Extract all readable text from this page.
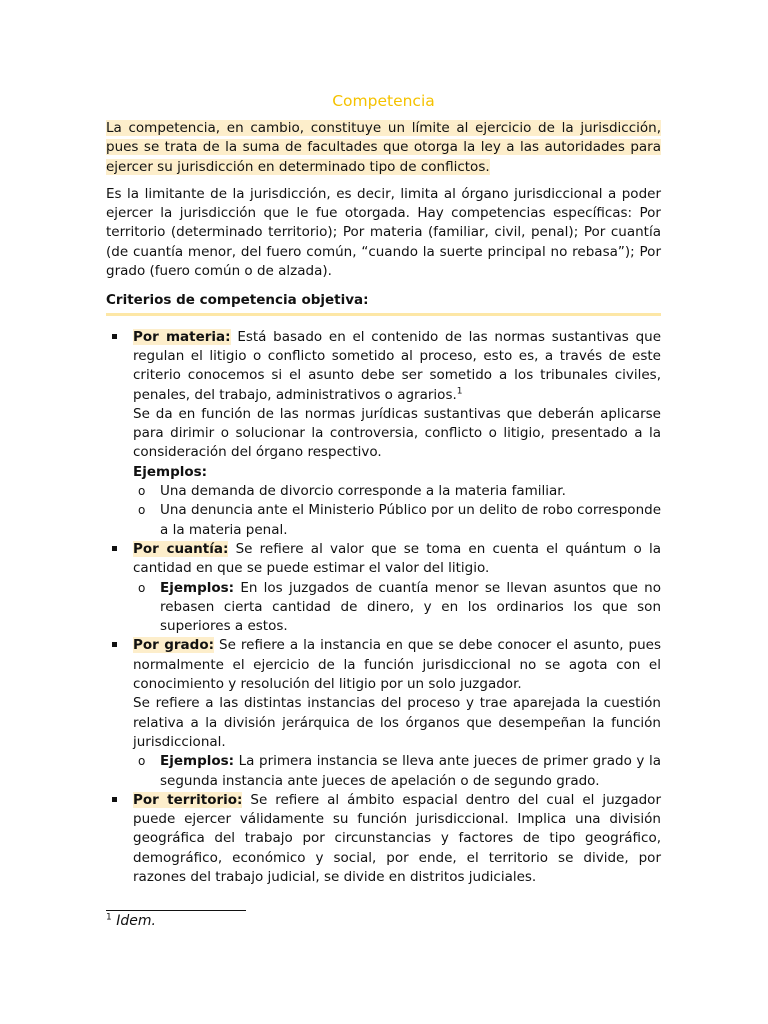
Competencia

La competencia, en cambio, constituye un límite al ejercicio de la jurisdicción, pues se trata de la suma de facultades que otorga la ley a las autoridades para ejercer su jurisdicción en determinado tipo de conflictos.

Es la limitante de la jurisdicción, es decir, limita al órgano jurisdiccional a poder ejercer la jurisdicción que le fue otorgada. Hay competencias específicas: Por territorio (determinado territorio); Por materia (familiar, civil, penal); Por cuantía (de cuantía menor, del fuero común, “cuando la suerte principal no rebasa”); Por grado (fuero común o de alzada).

Criterios de competencia objetiva:
Por materia: Está basado en el contenido de las normas sustantivas que regulan el litigio o conflicto sometido al proceso, esto es, a través de este criterio conocemos si el asunto debe ser sometido a los tribunales civiles, penales, del trabajo, administrativos o agrarios.$^1$
Se da en función de las normas jurídicas sustantivas que deberán aplicarse para dirimir o solucionar la controversia, conflicto o litigio, presentado a la consideración del órgano respectivo.
Ejemplos:
o Una demanda de divorcio corresponde a la materia familiar.
o Una denuncia ante el Ministerio Público por un delito de robo corresponde a la materia penal.
Por cuantía: Se refiere al valor que se toma en cuenta el quántum o la cantidad en que se puede estimar el valor del litigio.
o Ejemplos: En los juzgados de cuantía menor se llevan asuntos que no rebasen cierta cantidad de dinero, y en los ordinarios los que son superiores a estos.
Por grado: Se refiere a la instancia en que se debe conocer el asunto, pues normalmente el ejercicio de la función jurisdiccional no se agota con el conocimiento y resolución del litigio por un solo juzgador.
Se refiere a las distintas instancias del proceso y trae aparejada la cuestión relativa a la división jerárquica de los órganos que desempeñan la función jurisdiccional.
o Ejemplos: La primera instancia se lleva ante jueces de primer grado y la segunda instancia ante jueces de apelación o de segundo grado.
Por territorio: Se refiere al ámbito espacial dentro del cual el juzgador puede ejercer válidamente su función jurisdiccional. Implica una división geográfica del trabajo por circunstancias y factores de tipo geográfico, demográfico, económico y social, por ende, el territorio se divide, por razones del trabajo judicial, se divide en distritos judiciales.
$^1$ Idem.
